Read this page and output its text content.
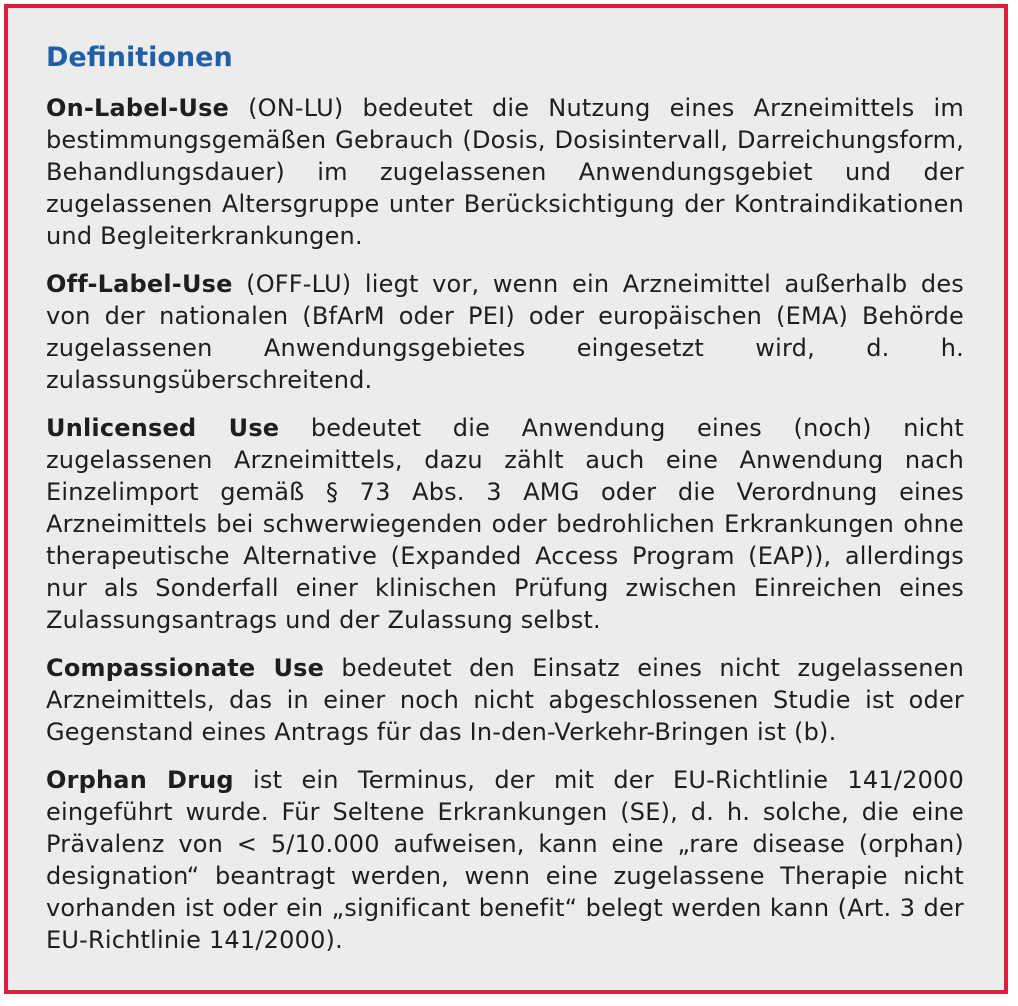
Definitionen

On-Label-Use (ON-LU) bedeutet die Nutzung eines Arzneimittels im bestimmungsgemäßen Gebrauch (Dosis, Dosisintervall, Darreichungsform, Behandlungsdauer) im zugelassenen Anwendungsgebiet und der zugelassenen Altersgruppe unter Berücksichtigung der Kontraindikationen und Begleiterkrankungen.

Off-Label-Use (OFF-LU) liegt vor, wenn ein Arzneimittel außerhalb des von der nationalen (BfArM oder PEI) oder europäischen (EMA) Behörde zugelassenen Anwendungsgebietes eingesetzt wird, d. h. zulassungsüberschreitend.

Unlicensed Use bedeutet die Anwendung eines (noch) nicht zugelassenen Arzneimittels, dazu zählt auch eine Anwendung nach Einzelimport gemäß § 73 Abs. 3 AMG oder die Verordnung eines Arzneimittels bei schwerwiegenden oder bedrohlichen Erkrankungen ohne therapeutische Alternative (Expanded Access Program (EAP)), allerdings nur als Sonderfall einer klinischen Prüfung zwischen Einreichen eines Zulassungsantrags und der Zulassung selbst.

Compassionate Use bedeutet den Einsatz eines nicht zugelassenen Arzneimittels, das in einer noch nicht abgeschlossenen Studie ist oder Gegenstand eines Antrags für das In-den-Verkehr-Bringen ist (b).

Orphan Drug ist ein Terminus, der mit der EU-Richtlinie 141/2000 eingeführt wurde. Für Seltene Erkrankungen (SE), d. h. solche, die eine Prävalenz von < 5/10.000 aufweisen, kann eine „rare disease (orphan) designation“ beantragt werden, wenn eine zugelassene Therapie nicht vorhanden ist oder ein „significant benefit“ belegt werden kann (Art. 3 der EU-Richtlinie 141/2000).
